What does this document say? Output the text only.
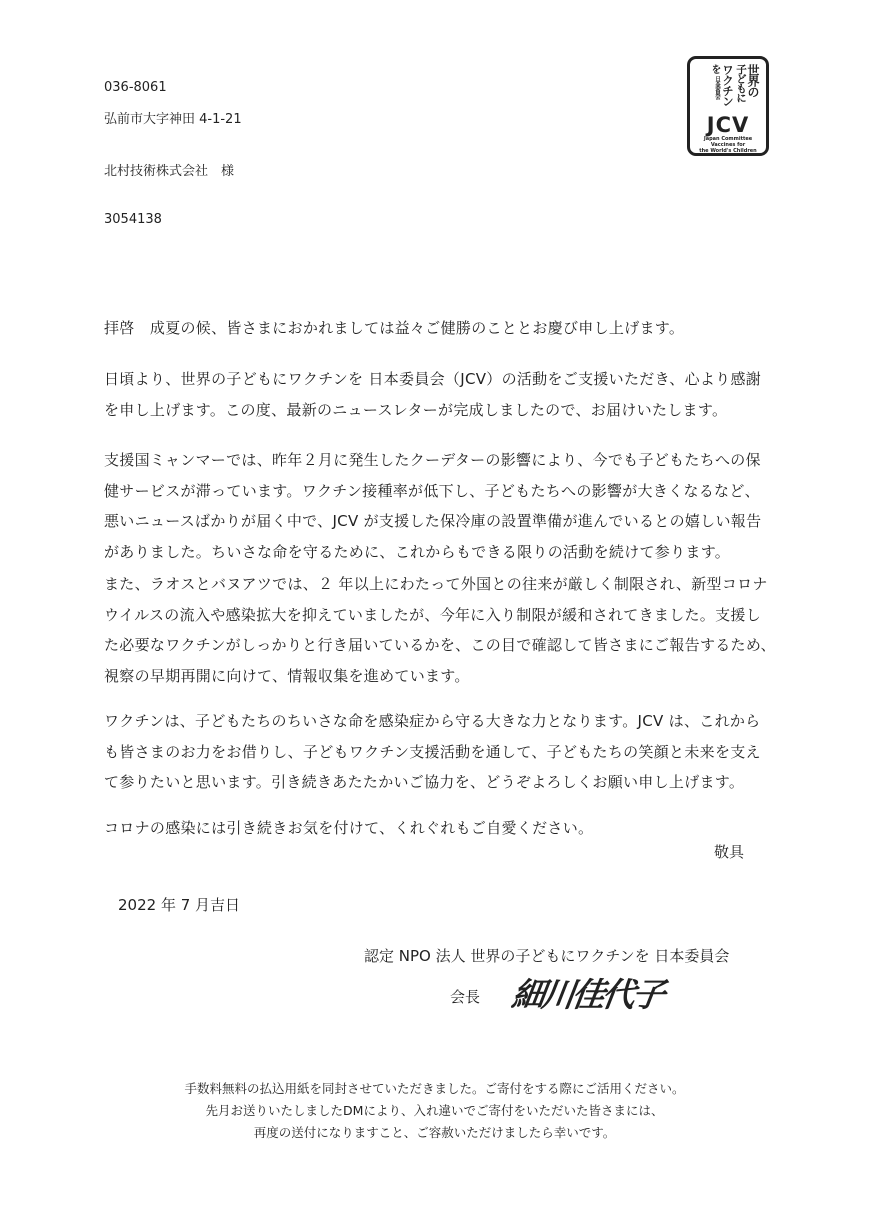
036-8061
弘前市大字神田 4-1-21
北村技術株式会社　様
3054138
世界の
子どもに
ワクチン
を
日本委員会
JCV
Japan Committee
Vaccines for
the World's Children

拝啓　成夏の候、皆さまにおかれましては益々ご健勝のこととお慶び申し上げます。

日頃より、世界の子どもにワクチンを 日本委員会（JCV）の活動をご支援いただき、心より感謝

を申し上げます。この度、最新のニュースレターが完成しましたので、お届けいたします。

支援国ミャンマーでは、昨年２月に発生したクーデターの影響により、今でも子どもたちへの保

健サービスが滞っています。ワクチン接種率が低下し、子どもたちへの影響が大きくなるなど、

悪いニュースばかりが届く中で、JCV が支援した保冷庫の設置準備が進んでいるとの嬉しい報告

がありました。ちいさな命を守るために、これからもできる限りの活動を続けて参ります。

また、ラオスとバヌアツでは、２ 年以上にわたって外国との往来が厳しく制限され、新型コロナ

ウイルスの流入や感染拡大を抑えていましたが、今年に入り制限が緩和されてきました。支援し

た必要なワクチンがしっかりと行き届いているかを、この目で確認して皆さまにご報告するため、

視察の早期再開に向けて、情報収集を進めています。

ワクチンは、子どもたちのちいさな命を感染症から守る大きな力となります。JCV は、これから

も皆さまのお力をお借りし、子どもワクチン支援活動を通して、子どもたちの笑顔と未来を支え

て参りたいと思います。引き続きあたたかいご協力を、どうぞよろしくお願い申し上げます。

コロナの感染には引き続きお気を付けて、くれぐれもご自愛ください。

敬具
2022 年 7 月吉日
認定 NPO 法人 世界の子どもにワクチンを 日本委員会
会長 細川佳代子

手数料無料の払込用紙を同封させていただきました。ご寄付をする際にご活用ください。

先月お送りいたしましたDMにより、入れ違いでご寄付をいただいた皆さまには、

再度の送付になりますこと、ご容赦いただけましたら幸いです。
